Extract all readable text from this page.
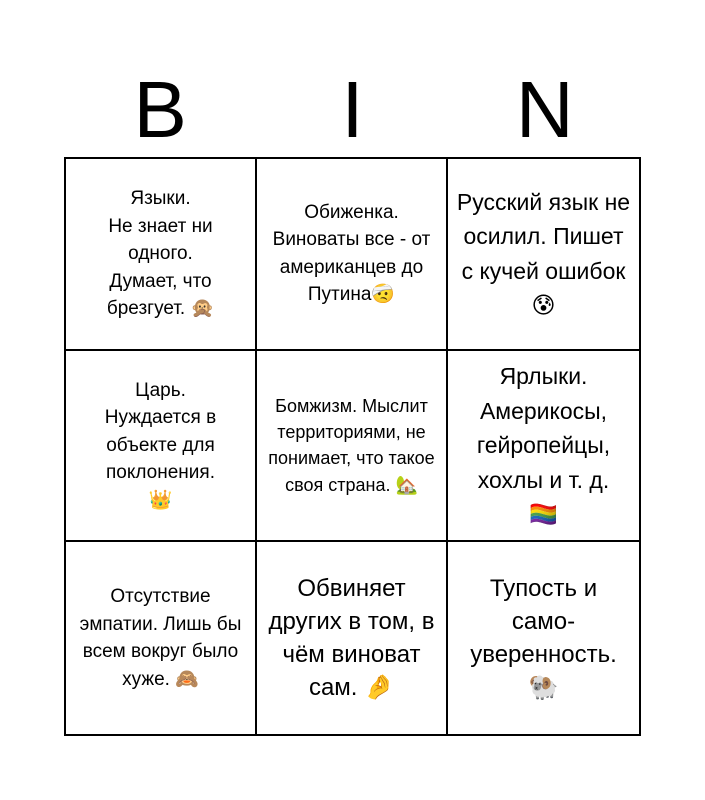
B	I	N
Языки.
Не знает ни одного.
Думает, что брезгует. 🙊
Обиженка. Виноваты все - от американцев до Путина🤕
Русский язык не осилил. Пишет с кучей ошибок 😰
Царь.
Нуждается в объекте для поклонения.
👑
Бомжизм. Мыслит территориями, не понимает, что такое своя страна. 🏡
Ярлыки. Америкосы, гейропейцы, хохлы и т. д.
🏳️‍🌈
Отсутствие эмпатии. Лишь бы всем вокруг было хуже. 🙈
Обвиняет других в том, в чём виноват сам. 🤌
Тупость и само-уверенность.
🐏
